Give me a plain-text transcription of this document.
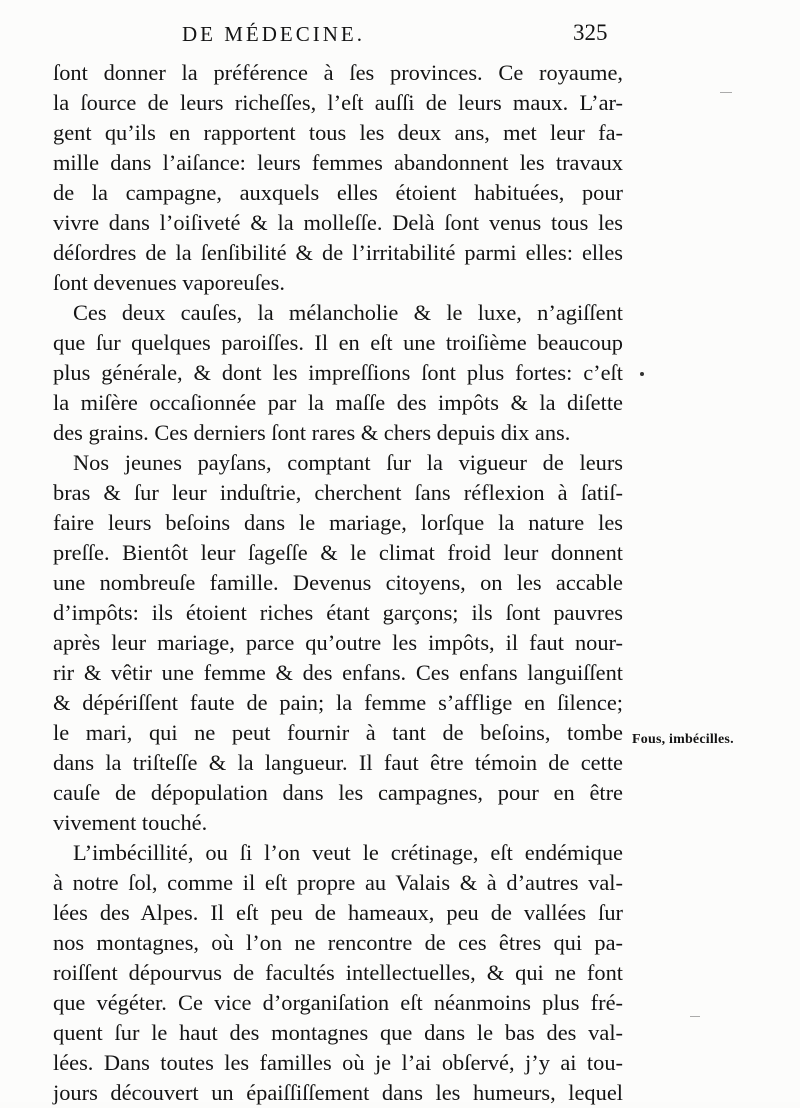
DE MÉDECINE.	325
ſont donner la préférence à ſes provinces. Ce royaume,
la ſource de leurs richeſſes, l’eſt auſſi de leurs maux. L’ar-
gent qu’ils en rapportent tous les deux ans, met leur fa-
mille dans l’aiſance: leurs femmes abandonnent les travaux
de la campagne, auxquels elles étoient habituées, pour
vivre dans l’oiſiveté & la molleſſe. Delà ſont venus tous les
déſordres de la ſenſibilité & de l’irritabilité parmi elles: elles
ſont devenues vaporeuſes.
Ces deux cauſes, la mélancholie & le luxe, n’agiſſent
que ſur quelques paroiſſes. Il en eſt une troiſième beaucoup
plus générale, & dont les impreſſions ſont plus fortes: c’eſt
la miſère occaſionnée par la maſſe des impôts & la diſette
des grains. Ces derniers ſont rares & chers depuis dix ans.
Nos jeunes payſans, comptant ſur la vigueur de leurs
bras & ſur leur induſtrie, cherchent ſans réflexion à ſatiſ-
faire leurs beſoins dans le mariage, lorſque la nature les
preſſe. Bientôt leur ſageſſe & le climat froid leur donnent
une nombreuſe famille. Devenus citoyens, on les accable
d’impôts: ils étoient riches étant garçons; ils ſont pauvres
après leur mariage, parce qu’outre les impôts, il faut nour-
rir & vêtir une femme & des enfans. Ces enfans languiſſent
& dépériſſent faute de pain; la femme s’afflige en ſilence;
le mari, qui ne peut fournir à tant de beſoins, tombe
dans la triſteſſe & la langueur. Il faut être témoin de cette
cauſe de dépopulation dans les campagnes, pour en être
vivement touché.
L’imbécillité, ou ſi l’on veut le crétinage, eſt endémique
à notre ſol, comme il eſt propre au Valais & à d’autres val-
lées des Alpes. Il eſt peu de hameaux, peu de vallées ſur
nos montagnes, où l’on ne rencontre de ces êtres qui pa-
roiſſent dépourvus de facultés intellectuelles, & qui ne font
que végéter. Ce vice d’organiſation eſt néanmoins plus fré-
quent ſur le haut des montagnes que dans le bas des val-
lées. Dans toutes les familles où je l’ai obſervé, j’y ai tou-
jours découvert un épaiſſiſſement dans les humeurs, lequel
Fous, imbécilles.
